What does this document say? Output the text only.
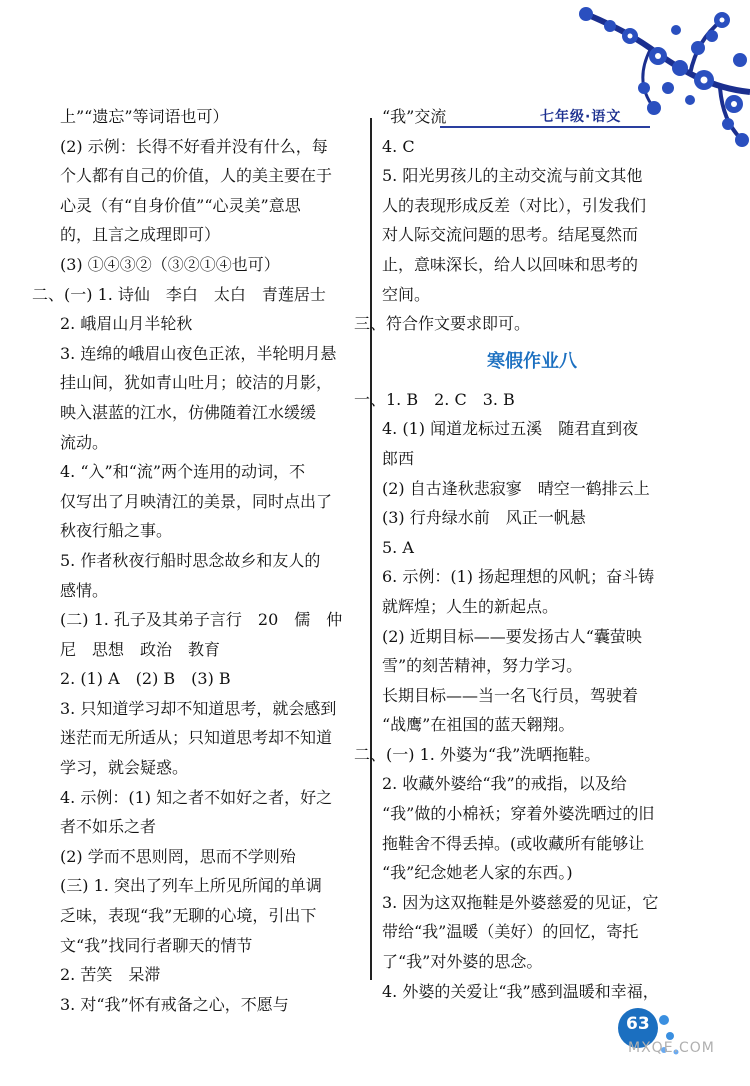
七年级·语文
上”“遗忘”等词语也可）
(2) 示例：长得不好看并没有什么，每
个人都有自己的价值，人的美主要在于
心灵（有“自身价值”“心灵美”意思
的，且言之成理即可）
(3) ①④③②（③②①④也可）
二、(一) 1. 诗仙　李白　太白　青莲居士
2. 峨眉山月半轮秋
3. 连绵的峨眉山夜色正浓，半轮明月悬
挂山间，犹如青山吐月；皎洁的月影，
映入湛蓝的江水，仿佛随着江水缓缓
流动。
4. “入”和“流”两个连用的动词，不
仅写出了月映清江的美景，同时点出了
秋夜行船之事。
5. 作者秋夜行船时思念故乡和友人的
感情。
(二) 1. 孔子及其弟子言行　20　儒　仲
尼　思想　政治　教育
2. (1) A　(2) B　(3) B
3. 只知道学习却不知道思考，就会感到
迷茫而无所适从；只知道思考却不知道
学习，就会疑惑。
4. 示例：(1) 知之者不如好之者，好之
者不如乐之者
(2) 学而不思则罔，思而不学则殆
(三) 1. 突出了列车上所见所闻的单调
乏味，表现“我”无聊的心境，引出下
文“我”找同行者聊天的情节
2. 苦笑　呆滞
3. 对“我”怀有戒备之心，不愿与
“我”交流
4. C
5. 阳光男孩儿的主动交流与前文其他
人的表现形成反差（对比），引发我们
对人际交流问题的思考。结尾戛然而
止，意味深长，给人以回味和思考的
空间。
三、符合作文要求即可。
寒假作业八
一、1. B　2. C　3. B
4. (1) 闻道龙标过五溪　随君直到夜
郎西
(2) 自古逢秋悲寂寥　晴空一鹤排云上
(3) 行舟绿水前　风正一帆悬
5. A
6. 示例：(1) 扬起理想的风帆；奋斗铸
就辉煌；人生的新起点。
(2) 近期目标——要发扬古人“囊萤映
雪”的刻苦精神，努力学习。
长期目标——当一名飞行员，驾驶着
“战鹰”在祖国的蓝天翱翔。
二、(一) 1. 外婆为“我”洗晒拖鞋。
2. 收藏外婆给“我”的戒指，以及给
“我”做的小棉袄；穿着外婆洗晒过的旧
拖鞋舍不得丢掉。(或收藏所有能够让
“我”纪念她老人家的东西。)
3. 因为这双拖鞋是外婆慈爱的见证，它
带给“我”温暖（美好）的回忆，寄托
了“我”对外婆的思念。
4. 外婆的关爱让“我”感到温暖和幸福，
63
MXQE.COM
